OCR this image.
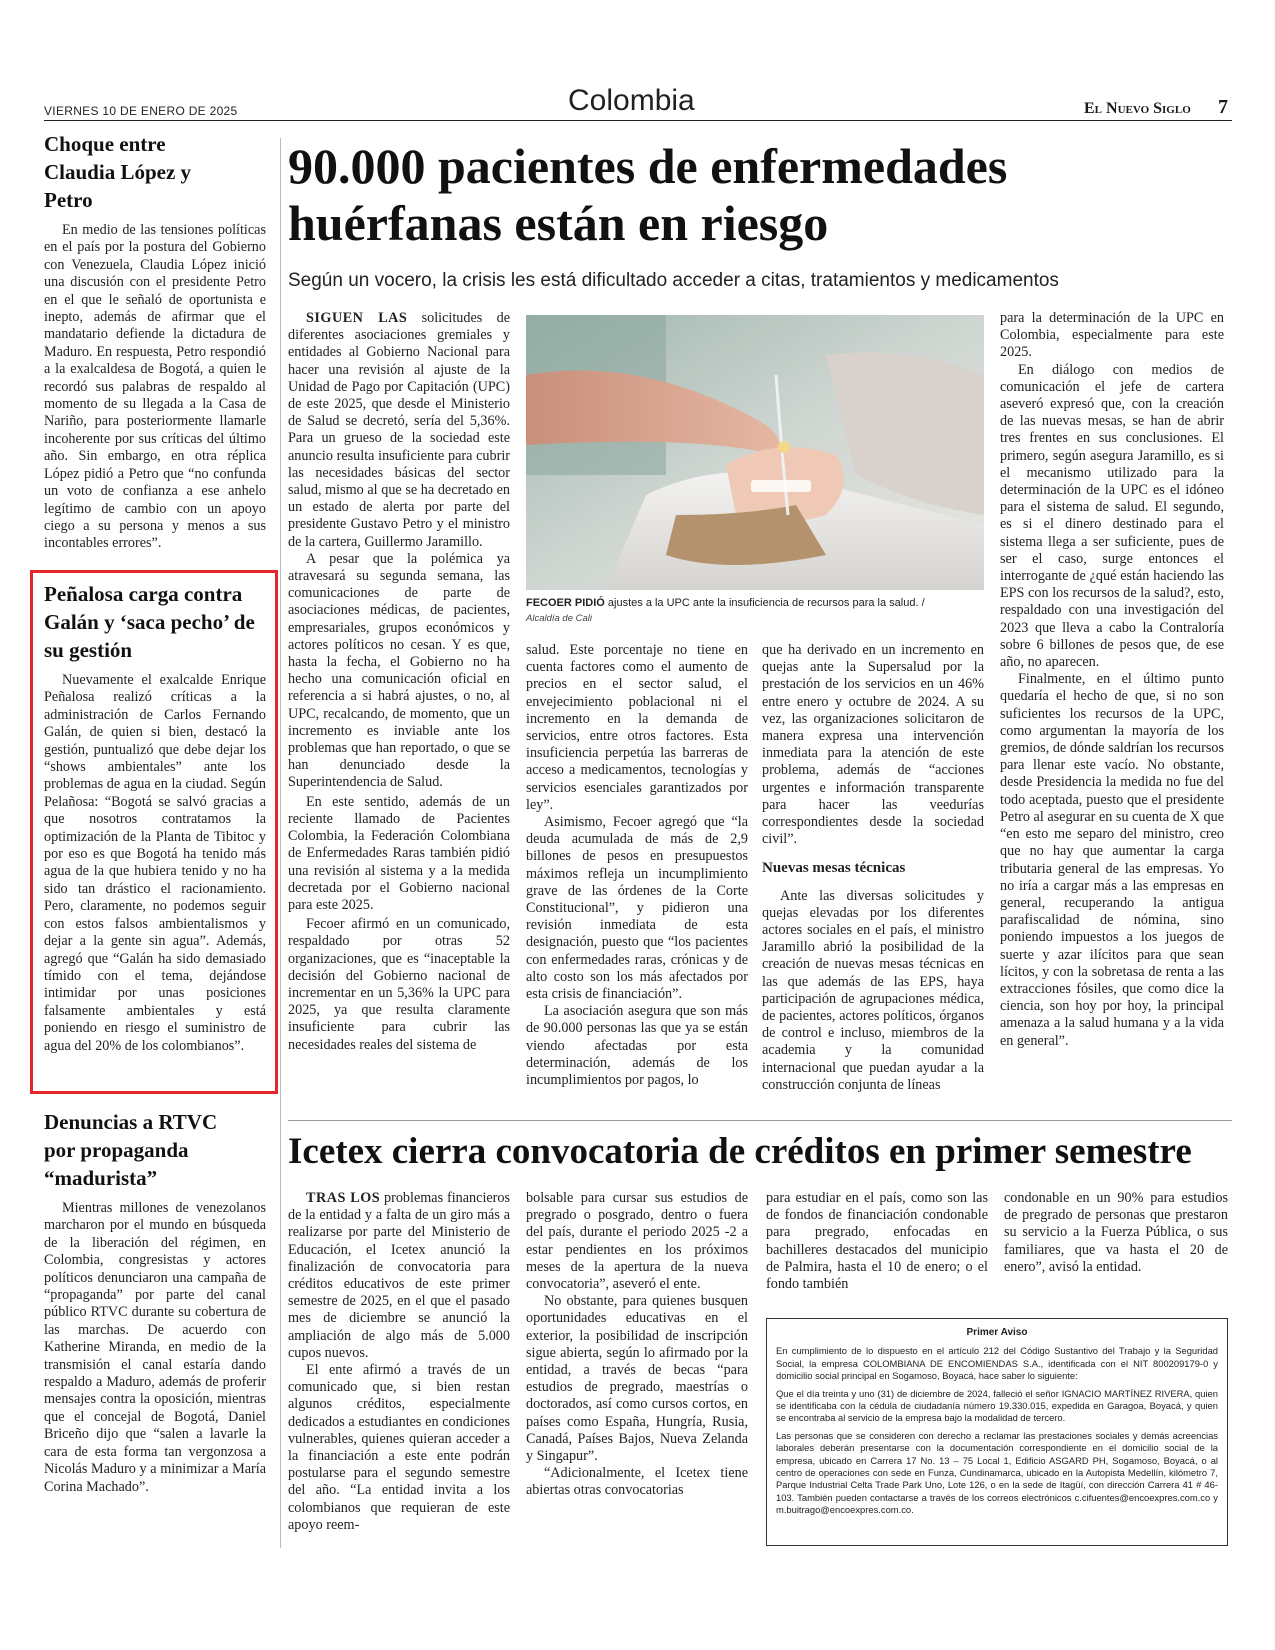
VIERNES 10 DE ENERO DE 2025	Colombia	El Nuevo Siglo 7
Choque entre Claudia López y Petro

En medio de las tensiones políticas en el país por la postura del Gobierno con Venezuela, Claudia López inició una discusión con el presidente Petro en el que le señaló de oportunista e inepto, además de afirmar que el mandatario defiende la dictadura de Maduro. En respuesta, Petro respondió a la exalcaldesa de Bogotá, a quien le recordó sus palabras de respaldo al momento de su llegada a la Casa de Nariño, para posteriormente llamarle incoherente por sus críticas del último año. Sin embargo, en otra réplica López pidió a Petro que “no confunda un voto de confianza a ese anhelo legítimo de cambio con un apoyo ciego a su persona y menos a sus incontables errores”.

Peñalosa carga contra Galán y ‘saca pecho’ de su gestión

Nuevamente el exalcalde Enrique Peñalosa realizó críticas a la administración de Carlos Fernando Galán, de quien si bien, destacó la gestión, puntualizó que debe dejar los “shows ambientales” ante los problemas de agua en la ciudad. Según Pelañosa: “Bogotá se salvó gracias a que nosotros contratamos la optimización de la Planta de Tibitoc y por eso es que Bogotá ha tenido más agua de la que hubiera tenido y no ha sido tan drástico el racionamiento. Pero, claramente, no podemos seguir con estos falsos ambientalismos y dejar a la gente sin agua”. Además, agregó que “Galán ha sido demasiado tímido con el tema, dejándose intimidar por unas posiciones falsamente ambientales y está poniendo en riesgo el suministro de agua del 20% de los colombianos”.

Denuncias a RTVC por propaganda “madurista”

Mientras millones de venezolanos marcharon por el mundo en búsqueda de la liberación del régimen, en Colombia, congresistas y actores políticos denunciaron una campaña de “propaganda” por parte del canal público RTVC durante su cobertura de las marchas. De acuerdo con Katherine Miranda, en medio de la transmisión el canal estaría dando respaldo a Maduro, además de proferir mensajes contra la oposición, mientras que el concejal de Bogotá, Daniel Briceño dijo que “salen a lavarle la cara de esta forma tan vergonzosa a Nicolás Maduro y a minimizar a María Corina Machado”.

90.000 pacientes de enfermedades huérfanas están en riesgo
Según un vocero, la crisis les está dificultado acceder a citas, tratamientos y medicamentos

SIGUEN LAS solicitudes de diferentes asociaciones gremiales y entidades al Gobierno Nacional para hacer una revisión al ajuste de la Unidad de Pago por Capitación (UPC) de este 2025, que desde el Ministerio de Salud se decretó, sería del 5,36%. Para un grueso de la sociedad este anuncio resulta insuficiente para cubrir las necesidades básicas del sector salud, mismo al que se ha decretado en un estado de alerta por parte del presidente Gustavo Petro y el ministro de la cartera, Guillermo Jaramillo.

A pesar que la polémica ya atravesará su segunda semana, las comunicaciones de parte de asociaciones médicas, de pacientes, empresariales, grupos económicos y actores políticos no cesan. Y es que, hasta la fecha, el Gobierno no ha hecho una comunicación oficial en referencia a si habrá ajustes, o no, al UPC, recalcando, de momento, que un incremento es inviable ante los problemas que han reportado, o que se han denunciado desde la Superintendencia de Salud.

En este sentido, además de un reciente llamado de Pacientes Colombia, la Federación Colombiana de Enfermedades Raras también pidió una revisión al sistema y a la medida decretada por el Gobierno nacional para este 2025.

Fecoer afirmó en un comunicado, respaldado por otras 52 organizaciones, que es “inaceptable la decisión del Gobierno nacional de incrementar en un 5,36% la UPC para 2025, ya que resulta claramente insuficiente para cubrir las necesidades reales del sistema de

FECOER PIDIÓ ajustes a la UPC ante la insuficiencia de recursos para la salud. /
Alcaldía de Cali

salud. Este porcentaje no tiene en cuenta factores como el aumento de precios en el sector salud, el envejecimiento poblacional ni el incremento en la demanda de servicios, entre otros factores. Esta insuficiencia perpetúa las barreras de acceso a medicamentos, tecnologías y servicios esenciales garantizados por ley”.

Asimismo, Fecoer agregó que “la deuda acumulada de más de 2,9 billones de pesos en presupuestos máximos refleja un incumplimiento grave de las órdenes de la Corte Constitucional”, y pidieron una revisión inmediata de esta designación, puesto que “los pacientes con enfermedades raras, crónicas y de alto costo son los más afectados por esta crisis de financiación”.

La asociación asegura que son más de 90.000 personas las que ya se están viendo afectadas por esta determinación, además de los incumplimientos por pagos, lo

que ha derivado en un incremento en quejas ante la Supersalud por la prestación de los servicios en un 46% entre enero y octubre de 2024. A su vez, las organizaciones solicitaron de manera expresa una intervención inmediata para la atención de este problema, además de “acciones urgentes e información transparente para hacer las veedurías correspondientes desde la sociedad civil”.

Nuevas mesas técnicas

Ante las diversas solicitudes y quejas elevadas por los diferentes actores sociales en el país, el ministro Jaramillo abrió la posibilidad de la creación de nuevas mesas técnicas en las que además de las EPS, haya participación de agrupaciones médica, de pacientes, actores políticos, órganos de control e incluso, miembros de la academia y la comunidad internacional que puedan ayudar a la construcción conjunta de líneas

para la determinación de la UPC en Colombia, especialmente para este 2025.

En diálogo con medios de comunicación el jefe de cartera aseveró expresó que, con la creación de las nuevas mesas, se han de abrir tres frentes en sus conclusiones. El primero, según asegura Jaramillo, es si el mecanismo utilizado para la determinación de la UPC es el idóneo para el sistema de salud. El segundo, es si el dinero destinado para el sistema llega a ser suficiente, pues de ser el caso, surge entonces el interrogante de ¿qué están haciendo las EPS con los recursos de la salud?, esto, respaldado con una investigación del 2023 que lleva a cabo la Contraloría sobre 6 billones de pesos que, de ese año, no aparecen.

Finalmente, en el último punto quedaría el hecho de que, si no son suficientes los recursos de la UPC, como argumentan la mayoría de los gremios, de dónde saldrían los recursos para llenar este vacío. No obstante, desde Presidencia la medida no fue del todo aceptada, puesto que el presidente Petro al asegurar en su cuenta de X que “en esto me separo del ministro, creo que no hay que aumentar la carga tributaria general de las empresas. Yo no iría a cargar más a las empresas en general, recuperando la antigua parafiscalidad de nómina, sino poniendo impuestos a los juegos de suerte y azar ilícitos para que sean lícitos, y con la sobretasa de renta a las extracciones fósiles, que como dice la ciencia, son hoy por hoy, la principal amenaza a la salud humana y a la vida en general”.

Icetex cierra convocatoria de créditos en primer semestre

TRAS LOS problemas financieros de la entidad y a falta de un giro más a realizarse por parte del Ministerio de Educación, el Icetex anunció la finalización de convocatoria para créditos educativos de este primer semestre de 2025, en el que el pasado mes de diciembre se anunció la ampliación de algo más de 5.000 cupos nuevos.

El ente afirmó a través de un comunicado que, si bien restan algunos créditos, especialmente dedicados a estudiantes en condiciones vulnerables, quienes quieran acceder a la financiación a este ente podrán postularse para el segundo semestre del año. “La entidad invita a los colombianos que requieran de este apoyo reem-

bolsable para cursar sus estudios de pregrado o posgrado, dentro o fuera del país, durante el periodo 2025 -2 a estar pendientes en los próximos meses de la apertura de la nueva convocatoria”, aseveró el ente.

No obstante, para quienes busquen oportunidades educativas en el exterior, la posibilidad de inscripción sigue abierta, según lo afirmado por la entidad, a través de becas “para estudios de pregrado, maestrías o doctorados, así como cursos cortos, en países como España, Hungría, Rusia, Canadá, Países Bajos, Nueva Zelanda y Singapur”.

“Adicionalmente, el Icetex tiene abiertas otras convocatorias

para estudiar en el país, como son las de fondos de financiación condonable para pregrado, enfocadas en bachilleres destacados del municipio de Palmira, hasta el 10 de enero; o el fondo también

condonable en un 90% para estudios de pregrado de personas que prestaron su servicio a la Fuerza Pública, o sus familiares, que va hasta el 20 de enero”, avisó la entidad.

Primer Aviso

En cumplimiento de lo dispuesto en el artículo 212 del Código Sustantivo del Trabajo y la Seguridad Social, la empresa COLOMBIANA DE ENCOMIENDAS S.A., identificada con el NIT 800209179-0 y domicilio social principal en Sogamoso, Boyacá, hace saber lo siguiente:

Que el día treinta y uno (31) de diciembre de 2024, falleció el señor IGNACIO MARTÍNEZ RIVERA, quien se identificaba con la cédula de ciudadanía número 19.330.015, expedida en Garagoa, Boyacá, y quien se encontraba al servicio de la empresa bajo la modalidad de tercero.

Las personas que se consideren con derecho a reclamar las prestaciones sociales y demás acreencias laborales deberán presentarse con la documentación correspondiente en el domicilio social de la empresa, ubicado en Carrera 17 No. 13 – 75 Local 1, Edificio ASGARD PH, Sogamoso, Boyacá, o al centro de operaciones con sede en Funza, Cundinamarca, ubicado en la Autopista Medellín, kilómetro 7, Parque Industrial Celta Trade Park Uno, Lote 126, o en la sede de Itagüí, con dirección Carrera 41 # 46-103. También pueden contactarse a través de los correos electrónicos c.cifuentes@encoexpres.com.co y m.buitrago@encoexpres.com.co.
